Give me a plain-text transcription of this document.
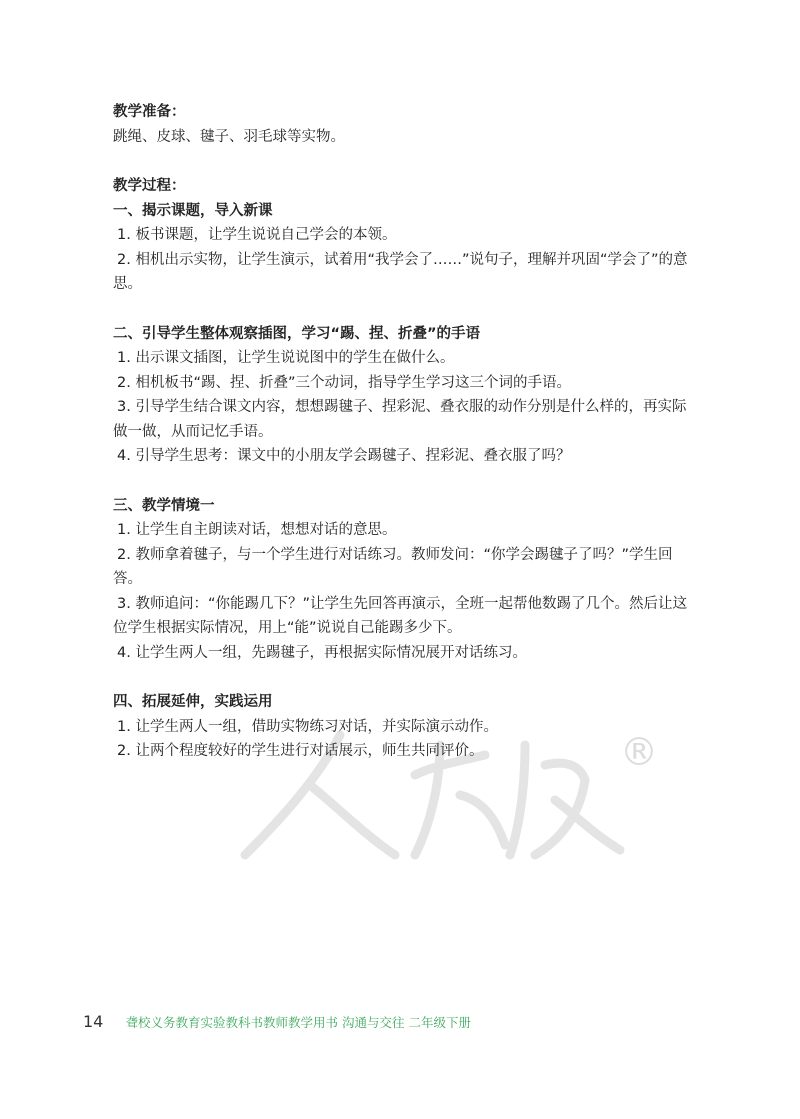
®

教学准备：

跳绳、皮球、毽子、羽毛球等实物。

教学过程：

一、揭示课题，导入新课

1. 板书课题，让学生说说自己学会的本领。

2. 相机出示实物，让学生演示，试着用“我学会了……”说句子，理解并巩固“学会了”的意思。

二、引导学生整体观察插图，学习“踢、捏、折叠”的手语

1. 出示课文插图，让学生说说图中的学生在做什么。

2. 相机板书“踢、捏、折叠”三个动词，指导学生学习这三个词的手语。

3. 引导学生结合课文内容，想想踢毽子、捏彩泥、叠衣服的动作分别是什么样的，再实际做一做，从而记忆手语。

4. 引导学生思考：课文中的小朋友学会踢毽子、捏彩泥、叠衣服了吗？

三、教学情境一

1. 让学生自主朗读对话，想想对话的意思。

2. 教师拿着毽子，与一个学生进行对话练习。教师发问：“你学会踢毽子了吗？”学生回答。

3. 教师追问：“你能踢几下？”让学生先回答再演示，全班一起帮他数踢了几个。然后让这位学生根据实际情况，用上“能”说说自己能踢多少下。

4. 让学生两人一组，先踢毽子，再根据实际情况展开对话练习。

四、拓展延伸，实践运用

1. 让学生两人一组，借助实物练习对话，并实际演示动作。

2. 让两个程度较好的学生进行对话展示，师生共同评价。

14 聋校义务教育实验教科书教师教学用书 沟通与交往 二年级下册
